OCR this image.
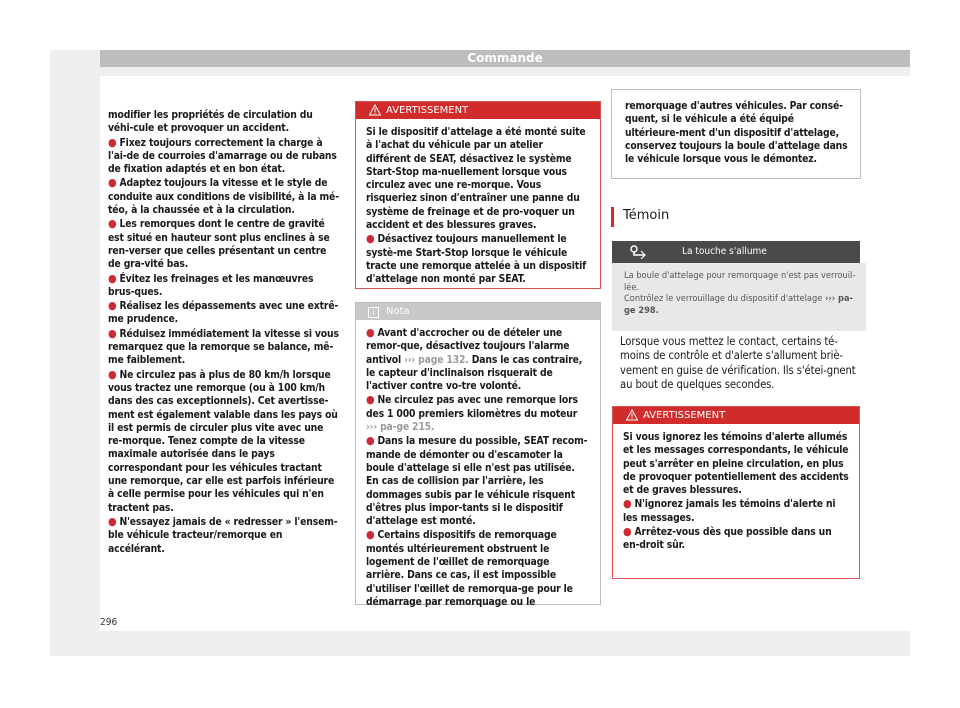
Commande

modifier les propriétés de circulation du véhi-cule et provoquer un accident.

● Fixez toujours correctement la charge à l'ai-de de courroies d'amarrage ou de rubans de fixation adaptés et en bon état.

● Adaptez toujours la vitesse et le style de conduite aux conditions de visibilité, à la mé-téo, à la chaussée et à la circulation.

● Les remorques dont le centre de gravité est situé en hauteur sont plus enclines à se ren-verser que celles présentant un centre de gra-vité bas.

● Évitez les freinages et les manœuvres brus-ques.

● Réalisez les dépassements avec une extrê-me prudence.

● Réduisez immédiatement la vitesse si vous remarquez que la remorque se balance, mê-me faiblement.

● Ne circulez pas à plus de 80 km/h lorsque vous tractez une remorque (ou à 100 km/h dans des cas exceptionnels). Cet avertisse-ment est également valable dans les pays où il est permis de circuler plus vite avec une re-morque. Tenez compte de la vitesse maximale autorisée dans le pays correspondant pour les véhicules tractant une remorque, car elle est parfois inférieure à celle permise pour les véhicules qui n'en tractent pas.

● N'essayez jamais de « redresser » l'ensem-ble véhicule tracteur/remorque en accélérant.

AVERTISSEMENT

Si le dispositif d'attelage a été monté suite à l'achat du véhicule par un atelier différent de SEAT, désactivez le système Start-Stop ma-nuellement lorsque vous circulez avec une re-morque. Vous risqueriez sinon d'entraîner une panne du système de freinage et de pro-voquer un accident et des blessures graves.

● Désactivez toujours manuellement le systè-me Start-Stop lorsque le véhicule tracte une remorque attelée à un dispositif d'attelage non monté par SEAT.

i	Nota

● Avant d'accrocher ou de dételer une remor-que, désactivez toujours l'alarme antivol ››› page 132. Dans le cas contraire, le capteur d'inclinaison risquerait de l'activer contre vo-tre volonté.

● Ne circulez pas avec une remorque lors des 1 000 premiers kilomètres du moteur ››› pa-ge 215.

● Dans la mesure du possible, SEAT recom-mande de démonter ou d'escamoter la boule d'attelage si elle n'est pas utilisée. En cas de collision par l'arrière, les dommages subis par le véhicule risquent d'êtres plus impor-tants si le dispositif d'attelage est monté.

● Certains dispositifs de remorquage montés ultérieurement obstruent le logement de l'œillet de remorquage arrière. Dans ce cas, il est impossible d'utiliser l'œillet de remorqua-ge pour le démarrage par remorquage ou le

remorquage d'autres véhicules. Par consé-quent, si le véhicule a été équipé ultérieure-ment d'un dispositif d'attelage, conservez toujours la boule d'attelage dans le véhicule lorsque vous le démontez.
Témoin
La touche s'allume
La boule d'attelage pour remorquage n'est pas verrouil-lée.
Contrôlez le verrouillage du dispositif d'attelage ››› pa-ge 298.
Lorsque vous mettez le contact, certains té-moins de contrôle et d'alerte s'allument briè-vement en guise de vérification. Ils s'étei-gnent au bout de quelques secondes.
AVERTISSEMENT

Si vous ignorez les témoins d'alerte allumés et les messages correspondants, le véhicule peut s'arrêter en pleine circulation, en plus de provoquer potentiellement des accidents et de graves blessures.

● N'ignorez jamais les témoins d'alerte ni les messages.

● Arrêtez-vous dès que possible dans un en-droit sûr.

296
